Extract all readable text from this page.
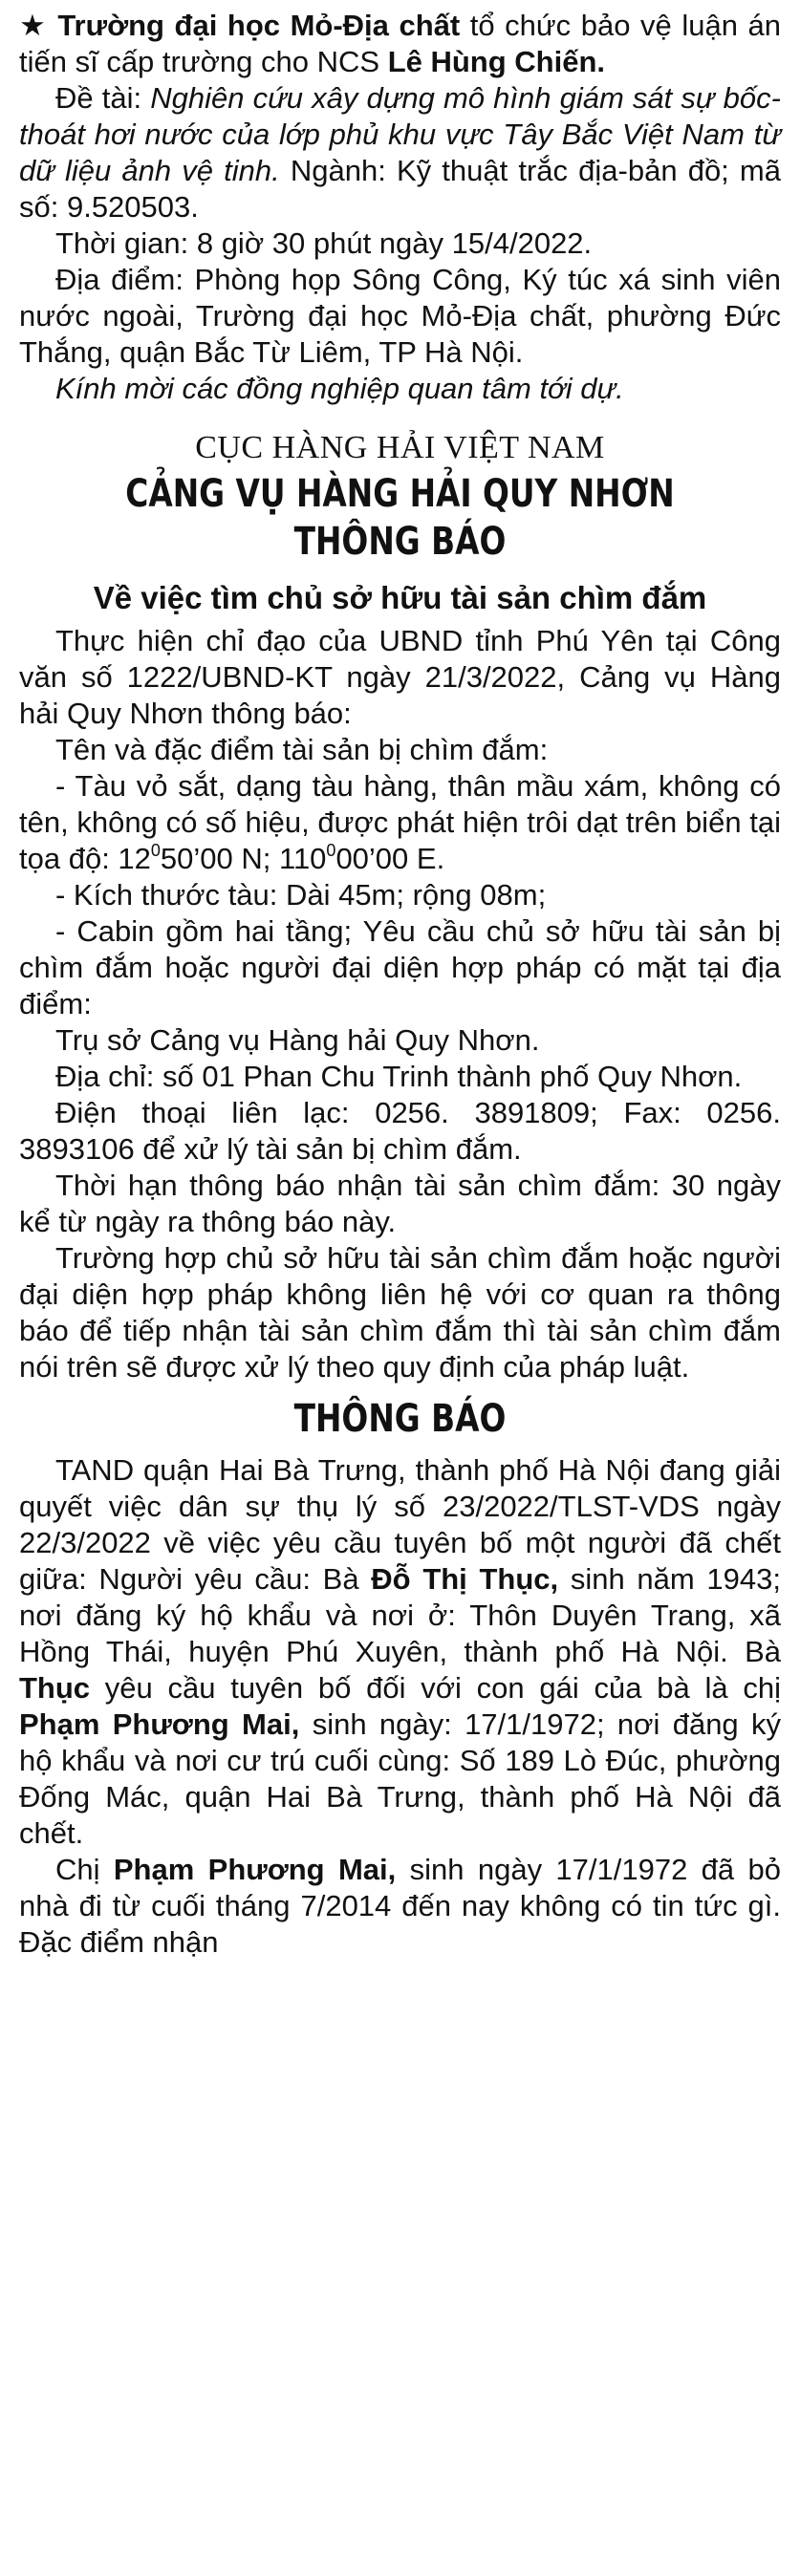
★ Trường đại học Mỏ-Địa chất tổ chức bảo vệ luận án tiến sĩ cấp trường cho NCS Lê Hùng Chiến.

Đề tài: Nghiên cứu xây dựng mô hình giám sát sự bốc-thoát hơi nước của lớp phủ khu vực Tây Bắc Việt Nam từ dữ liệu ảnh vệ tinh. Ngành: Kỹ thuật trắc địa-bản đồ; mã số: 9.520503.

Thời gian: 8 giờ 30 phút ngày 15/4/2022.

Địa điểm: Phòng họp Sông Công, Ký túc xá sinh viên nước ngoài, Trường đại học Mỏ-Địa chất, phường Đức Thắng, quận Bắc Từ Liêm, TP Hà Nội.

Kính mời các đồng nghiệp quan tâm tới dự.

CỤC HÀNG HẢI VIỆT NAM
CẢNG VỤ HÀNG HẢI QUY NHƠN
THÔNG BÁO
Về việc tìm chủ sở hữu tài sản chìm đắm

Thực hiện chỉ đạo của UBND tỉnh Phú Yên tại Công văn số 1222/UBND-KT ngày 21/3/2022, Cảng vụ Hàng hải Quy Nhơn thông báo:

Tên và đặc điểm tài sản bị chìm đắm:

- Tàu vỏ sắt, dạng tàu hàng, thân mầu xám, không có tên, không có số hiệu, được phát hiện trôi dạt trên biển tại tọa độ: $12^050’00$ N; $110^000’00$ E.

- Kích thước tàu: Dài 45m; rộng 08m;

- Cabin gồm hai tầng; Yêu cầu chủ sở hữu tài sản bị chìm đắm hoặc người đại diện hợp pháp có mặt tại địa điểm:

Trụ sở Cảng vụ Hàng hải Quy Nhơn.

Địa chỉ: số 01 Phan Chu Trinh thành phố Quy Nhơn.

Điện thoại liên lạc: 0256. 3891809; Fax: 0256. 3893106 để xử lý tài sản bị chìm đắm.

Thời hạn thông báo nhận tài sản chìm đắm: 30 ngày kể từ ngày ra thông báo này.

Trường hợp chủ sở hữu tài sản chìm đắm hoặc người đại diện hợp pháp không liên hệ với cơ quan ra thông báo để tiếp nhận tài sản chìm đắm thì tài sản chìm đắm nói trên sẽ được xử lý theo quy định của pháp luật.

THÔNG BÁO

TAND quận Hai Bà Trưng, thành phố Hà Nội đang giải quyết việc dân sự thụ lý số 23/2022/TLST-VDS ngày 22/3/2022 về việc yêu cầu tuyên bố một người đã chết giữa: Người yêu cầu: Bà Đỗ Thị Thục, sinh năm 1943; nơi đăng ký hộ khẩu và nơi ở: Thôn Duyên Trang, xã Hồng Thái, huyện Phú Xuyên, thành phố Hà Nội. Bà Thục yêu cầu tuyên bố đối với con gái của bà là chị Phạm Phương Mai, sinh ngày: 17/1/1972; nơi đăng ký hộ khẩu và nơi cư trú cuối cùng: Số 189 Lò Đúc, phường Đống Mác, quận Hai Bà Trưng, thành phố Hà Nội đã chết.

Chị Phạm Phương Mai, sinh ngày 17/1/1972 đã bỏ nhà đi từ cuối tháng 7/2014 đến nay không có tin tức gì. Đặc điểm nhận
